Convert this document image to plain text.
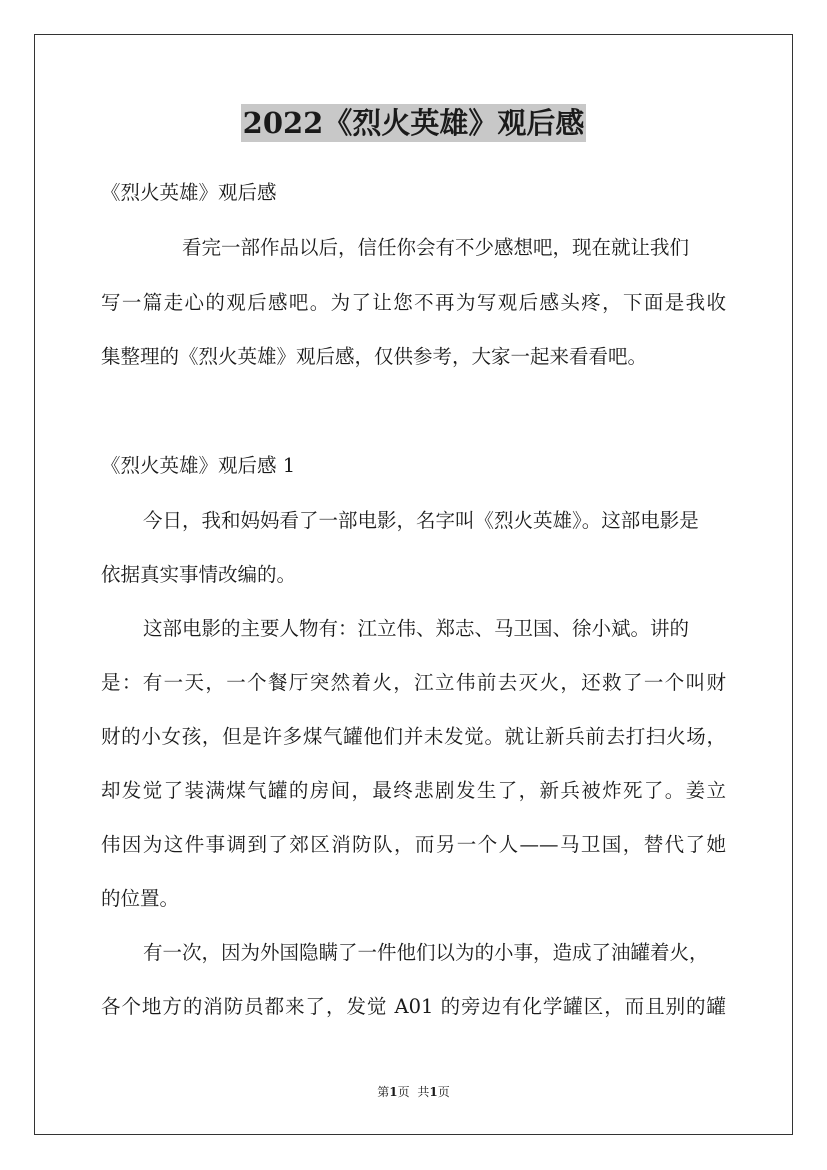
2022《烈火英雄》观后感
《烈火英雄》观后感
看完一部作品以后，信任你会有不少感想吧，现在就让我们
写一篇走心的观后感吧。为了让您不再为写观后感头疼，下面是我收
集整理的《烈火英雄》观后感，仅供参考，大家一起来看看吧。
《烈火英雄》观后感 1
今日，我和妈妈看了一部电影，名字叫《烈火英雄》。这部电影是
依据真实事情改编的。
这部电影的主要人物有：江立伟、郑志、马卫国、徐小斌。讲的
是：有一天，一个餐厅突然着火，江立伟前去灭火，还救了一个叫财
财的小女孩，但是许多煤气罐他们并未发觉。就让新兵前去打扫火场，
却发觉了装满煤气罐的房间，最终悲剧发生了，新兵被炸死了。姜立
伟因为这件事调到了郊区消防队，而另一个人——马卫国，替代了她
的位置。
有一次，因为外国隐瞒了一件他们以为的小事，造成了油罐着火，
各个地方的消防员都来了，发觉 A01 的旁边有化学罐区，而且别的罐
第1页 共1页
